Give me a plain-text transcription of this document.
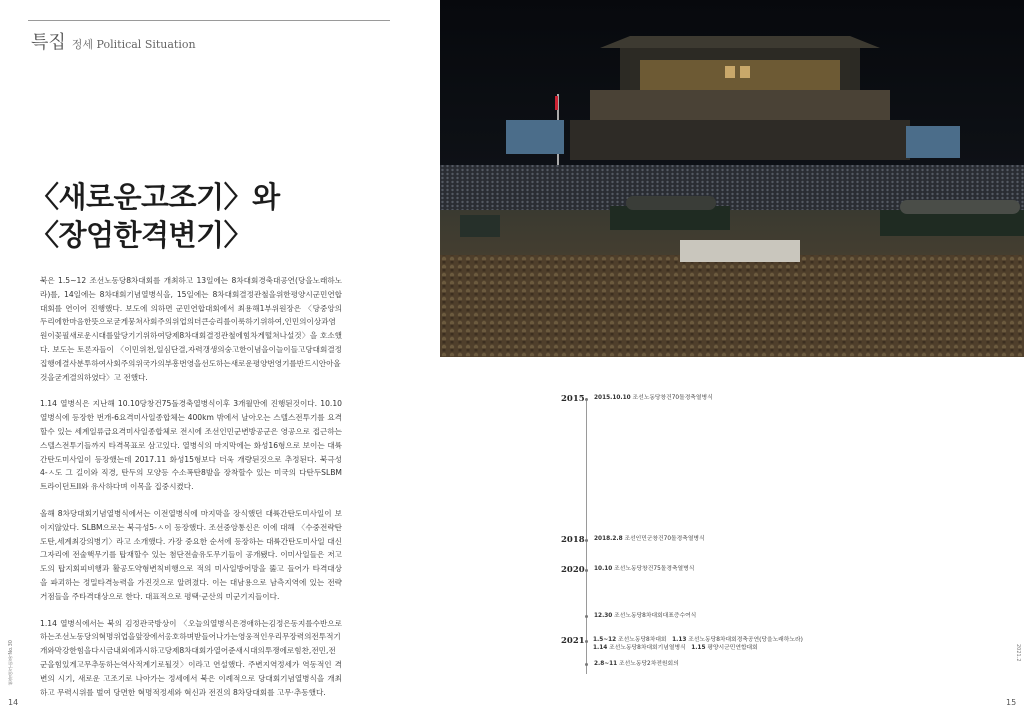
특집 정세 Political Situation
〈새로운고조기〉와
〈장엄한격변기〉

북은 1.5~12 조선노동당8차대회를 개최하고 13일에는 8차대회경축대공연(당을노래하노라)를, 14일에는 8차대회기념열병식을, 15일에는 8차대회결정관철을위한평양시군민연합대회를 연이어 진행했다. 보도에 의하면 군민연합대회에서 최용해1부위원장은 〈당중앙의두리에한마음한뜻으로굳게뭉쳐사회주의위업의더큰승리를이룩하기위하여,인민의이상과염원이꽃필새로운시대를앞당기기위하여당제8차대회결정관철에힘차게떨쳐나설것〉을 호소했다. 보도는 토론자들이 〈이민위천,일심단결,자력갱생의숭고한이념을이늘이들고당대회결정집행에결사분투하여사회주의위국가의부흥번영을선도하는새로운평양번영기를반드시안아올것을굳게결의하였다〉고 전했다.

1.14 열병식은 지난해 10.10당창건75돌경축열병식이후 3개월만에 진행된것이다. 10.10 열병식에 등장한 번개-6요격미사일종합체는 400km 밖에서 날아오는 스텔스전투기를 요격할수 있는 세계일류급요격미사일종합체로 전시에 조선인민군변방공군은 영공으로 접근하는 스텔스전투기들까지 타격목표로 삼고있다. 열병식의 마지막에는 화성16형으로 보이는 대륙간탄도미사일이 등장했는데 2017.11 화성15형보다 더욱 개량된것으로 추정된다. 북극성4-ㅅ도 그 길이와 직경, 탄두의 모양등 수소폭탄8발을 장착할수 있는 미국의 다탄두SLBM 트라이던트II와 유사하다며 이목을 집중시켰다.

올해 8차당대회기념열병식에서는 이전열병식에 마지막을 장식했던 대륙간탄도미사일이 보이지않았다. SLBM으로는 북극성5-ㅅ이 등장했다. 조선중앙통신은 이에 대해 〈수중전략탄도탄,세계최강의병기〉라고 소개했다. 가장 중요한 순서에 등장하는 대륙간탄도미사일 대신 그자리에 전술핵무기를 탑재할수 있는 첨단전술유도무기들이 공개됐다. 이미사일들은 저고도의 탑지회피비행과 활공도약형변칙비행으로 적의 미사일방어망을 뚫고 들어가 타격대상을 파괴하는 정밀타격능력을 가진것으로 알려졌다. 이는 대남용으로 남측지역에 있는 전략거점들을 주타격대상으로 한다. 대표적으로 평택·군산의 미군기지들이다.

1.14 열병식에서는 북의 김정관국방상이 〈오늘의열병식은경애하는김정은동지를수반으로하는조선노동당의혁명위업을앞장에서옹호하며받들어나가는영웅적인우리무장력의전투적기개와막강한힘을다시금내외에과시하고당제8차대회가열어준새시대의투쟁에로힘찬,전민,전군을힘있게고무추동하는역사적계기로될것〉이라고 연설했다. 주변지역정세가 역동적인 격변의 시기, 새로운 고조기로 나아가는 정세에서 북은 이례적으로 당대회기념열병식을 개최하고 무력시위를 벌여 당면한 혁명적정세와 혁신과 전진의 8차당대회를 고무·추동했다.

현장연구민족No.30
14
2015 2015.10.10 조선노동당창건70돌경축열병식
2018 2018.2.8 조선인민군창건70돌경축열병식
2020 10.10 조선노동당창건75돌경축열병식
12.30 조선노동당8차대회대표증수여식
2021 1.5~12 조선노동당8차대회 1.13 조선노동당8차대회경축공연(당을노래하노라)
1.14 조선노동당8차대회기념열병식 1.15 평양시군민연합대회
2.8~11 조선노동당2차전원회의
2021.2
15
